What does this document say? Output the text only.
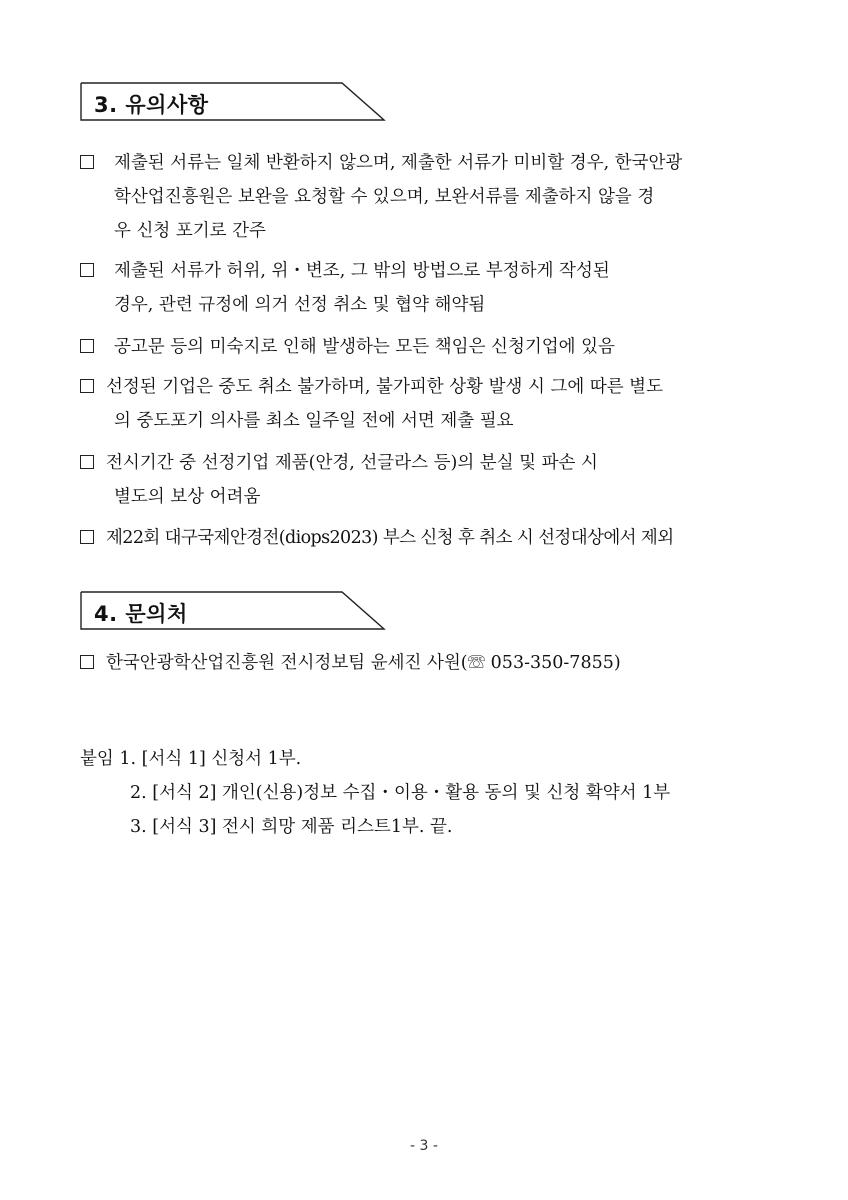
3. 유의사항
제출된 서류는 일체 반환하지 않으며, 제출한 서류가 미비할 경우, 한국안광
학산업진흥원은 보완을 요청할 수 있으며, 보완서류를 제출하지 않을 경
우 신청 포기로 간주
제출된 서류가 허위, 위・변조, 그 밖의 방법으로 부정하게 작성된
경우, 관련 규정에 의거 선정 취소 및 협약 해약됨
공고문 등의 미숙지로 인해 발생하는 모든 책임은 신청기업에 있음
선정된 기업은 중도 취소 불가하며, 불가피한 상황 발생 시 그에 따른 별도
의 중도포기 의사를 최소 일주일 전에 서면 제출 필요
전시기간 중 선정기업 제품(안경, 선글라스 등)의 분실 및 파손 시
별도의 보상 어려움
제22회 대구국제안경전(diops2023) 부스 신청 후 취소 시 선정대상에서 제외
4. 문의처
한국안광학산업진흥원 전시정보팀 윤세진 사원(☏ 053-350-7855)
붙임 1. [서식 1] 신청서 1부.
2. [서식 2] 개인(신용)정보 수집・이용・활용 동의 및 신청 확약서 1부
3. [서식 3] 전시 희망 제품 리스트1부. 끝.
- 3 -
